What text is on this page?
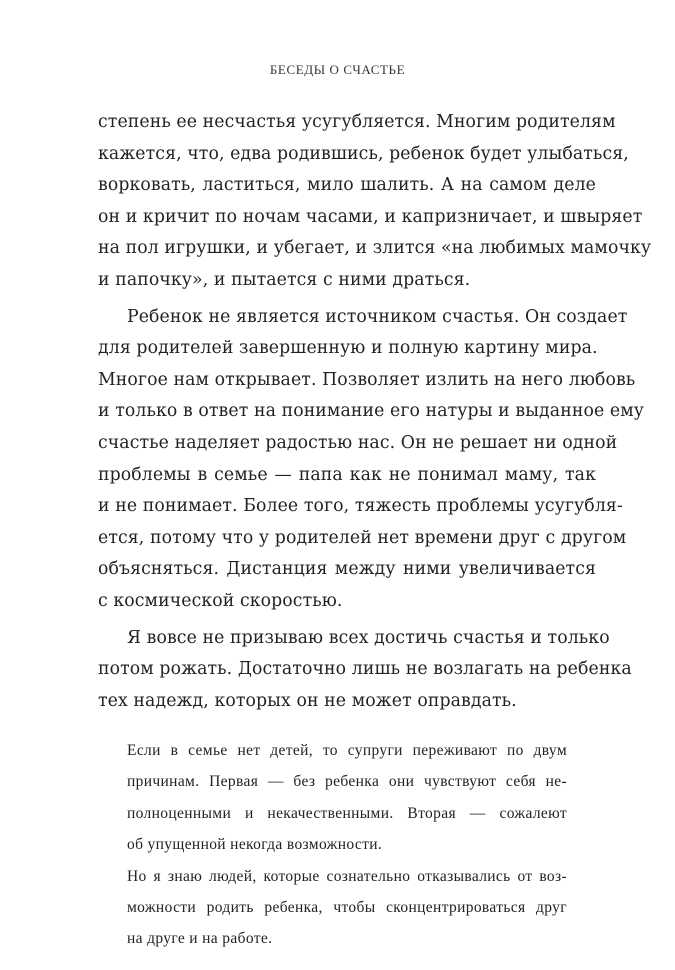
БЕСЕДЫ О СЧАСТЬЕ
степень ее несчастья усугубляется. Многим родителям
кажется, что, едва родившись, ребенок будет улыбаться,
ворковать, ластиться, мило шалить. А на самом деле
он и кричит по ночам часами, и капризничает, и швыряет
на пол игрушки, и убегает, и злится «на любимых мамочку
и папочку», и пытается с ними драться.
Ребенок не является источником счастья. Он создает
для родителей завершенную и полную картину мира.
Многое нам открывает. Позволяет излить на него любовь
и только в ответ на понимание его натуры и выданное ему
счастье наделяет радостью нас. Он не решает ни одной
проблемы в семье — папа как не понимал маму, так
и не понимает. Более того, тяжесть проблемы усугубля-
ется, потому что у родителей нет времени друг с другом
объясняться. Дистанция между ними увеличивается
с космической скоростью.
Я вовсе не призываю всех достичь счастья и только
потом рожать. Достаточно лишь не возлагать на ребенка
тех надежд, которых он не может оправдать.
Если в семье нет детей, то супруги переживают по двум
причинам. Первая — без ребенка они чувствуют себя не-
полноценными и некачественными. Вторая — сожалеют
об упущенной некогда возможности.
Но я знаю людей, которые сознательно отказывались от воз-
можности родить ребенка, чтобы сконцентрироваться друг
на друге и на работе.
